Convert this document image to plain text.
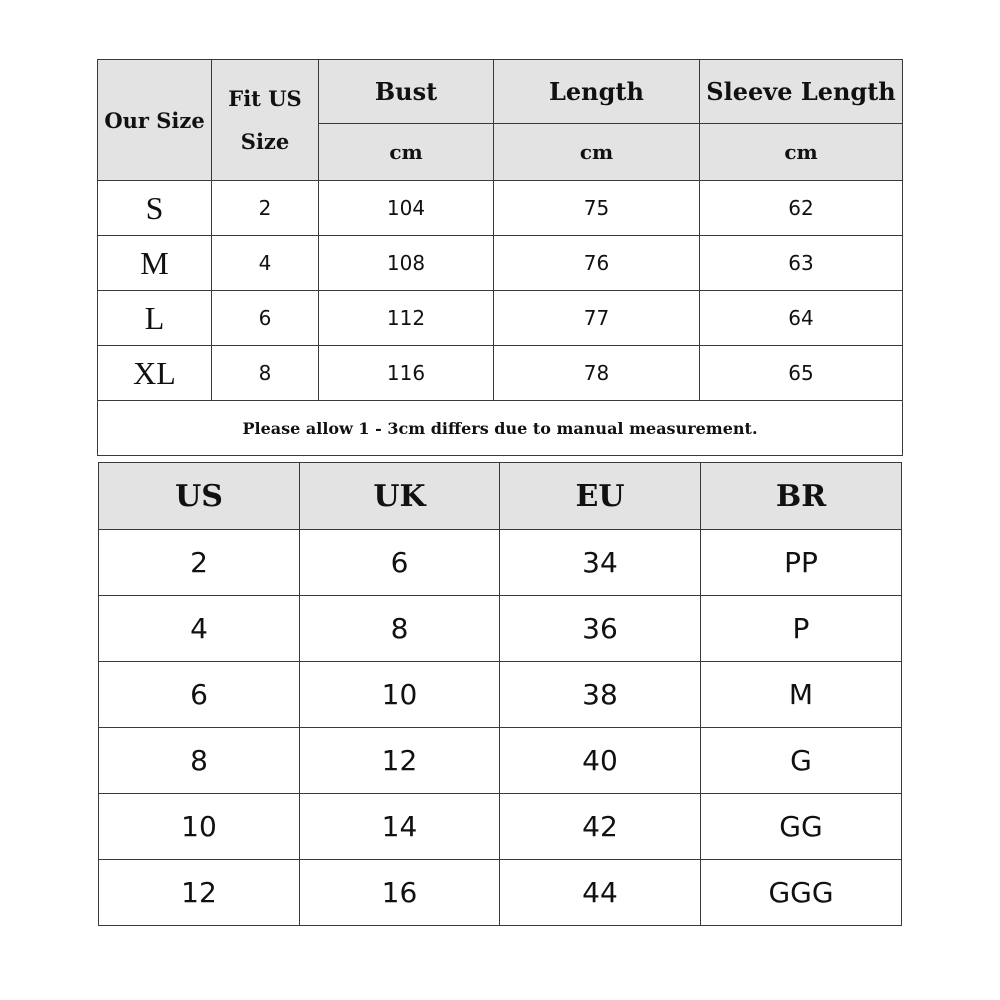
Our Size	Fit US Size	Bust	Length	Sleeve Length
		cm	cm	cm
S	2	104	75	62
M	4	108	76	63
L	6	112	77	64
XL	8	116	78	65
Please allow 1 - 3cm differs due to manual measurement.				
US	UK	EU	BR
2	6	34	PP
4	8	36	P
6	10	38	M
8	12	40	G
10	14	42	GG
12	16	44	GGG
